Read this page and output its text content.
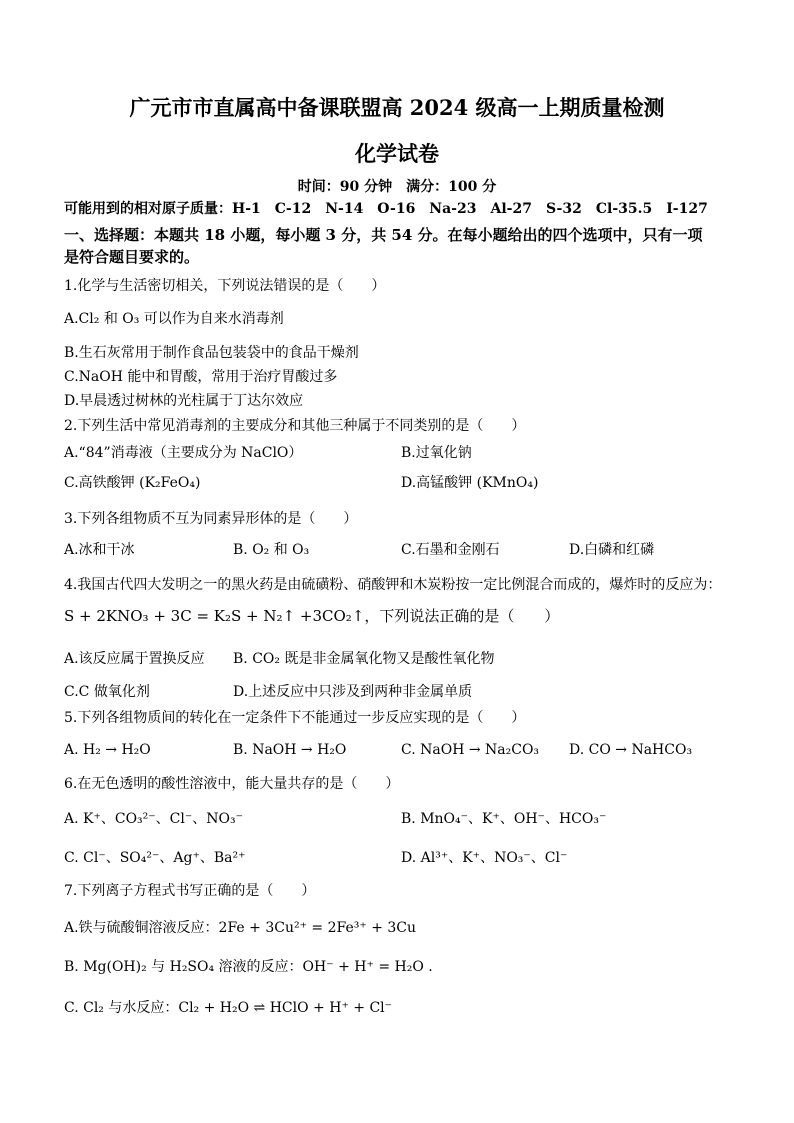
广元市市直属高中备课联盟高 2024 级高一上期质量检测
化学试卷
时间：90 分钟　满分：100 分
可能用到的相对原子质量：H-1　C-12　N-14　O-16　Na-23　Al-27　S-32　Cl-35.5　I-127
一、选择题：本题共 18 小题，每小题 3 分，共 54 分。在每小题给出的四个选项中，只有一项
是符合题目要求的。
1.化学与生活密切相关，下列说法错误的是（　　）
A.Cl₂ 和 O₃ 可以作为自来水消毒剂
B.生石灰常用于制作食品包装袋中的食品干燥剂
C.NaOH 能中和胃酸，常用于治疗胃酸过多
D.早晨透过树林的光柱属于丁达尔效应
2.下列生活中常见消毒剂的主要成分和其他三种属于不同类别的是（　　）
A.“84”消毒液（主要成分为 NaClO）	B.过氧化钠
C.高铁酸钾 (K₂FeO₄)	D.高锰酸钾 (KMnO₄)
3.下列各组物质不互为同素异形体的是（　　）
A.冰和干冰	B. O₂ 和 O₃	C.石墨和金刚石	D.白磷和红磷
4.我国古代四大发明之一的黑火药是由硫磺粉、硝酸钾和木炭粉按一定比例混合而成的，爆炸时的反应为：
S + 2KNO₃ + 3C = K₂S + N₂↑ +3CO₂↑，下列说法正确的是（　　）
A.该反应属于置换反应 B. CO₂ 既是非金属氧化物又是酸性氧化物
C.C 做氧化剂	D.上述反应中只涉及到两种非金属单质
5.下列各组物质间的转化在一定条件下不能通过一步反应实现的是（　　）
A. H₂ → H₂O	B. NaOH → H₂O	C. NaOH → Na₂CO₃ D. CO → NaHCO₃
6.在无色透明的酸性溶液中，能大量共存的是（　　）
A. K⁺、CO₃²⁻、Cl⁻、NO₃⁻	B. MnO₄⁻、K⁺、OH⁻、HCO₃⁻
C. Cl⁻、SO₄²⁻、Ag⁺、Ba²⁺	D. Al³⁺、K⁺、NO₃⁻、Cl⁻
7.下列离子方程式书写正确的是（　　）
A.铁与硫酸铜溶液反应：2Fe + 3Cu²⁺ = 2Fe³⁺ + 3Cu
B. Mg(OH)₂ 与 H₂SO₄ 溶液的反应：OH⁻ + H⁺ = H₂O .
C. Cl₂ 与水反应：Cl₂ + H₂O ⇌ HClO + H⁺ + Cl⁻
